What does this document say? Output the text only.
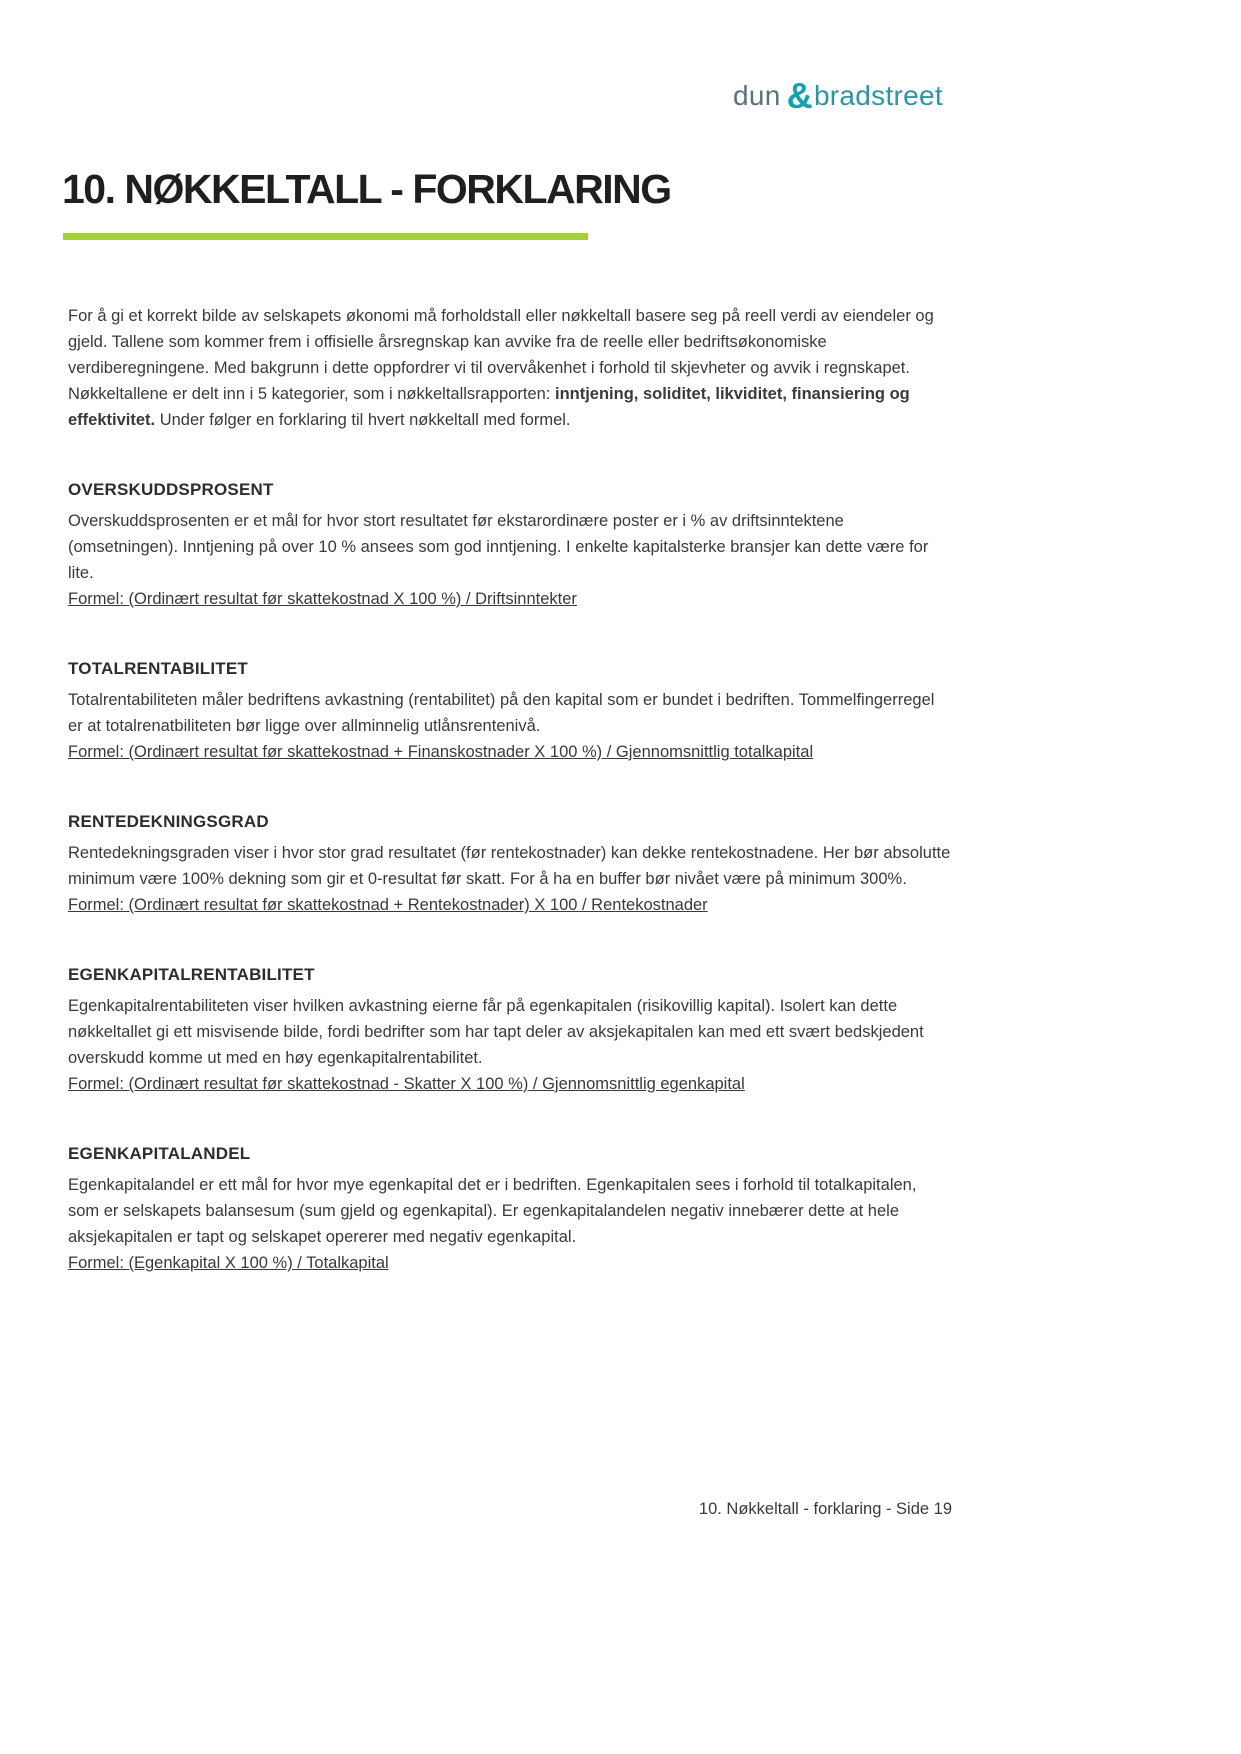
dun & bradstreet
10. NØKKELTALL - FORKLARING

For å gi et korrekt bilde av selskapets økonomi må forholdstall eller nøkkeltall basere seg på reell verdi av eiendeler og gjeld. Tallene som kommer frem i offisielle årsregnskap kan avvike fra de reelle eller bedriftsøkonomiske verdiberegningene. Med bakgrunn i dette oppfordrer vi til overvåkenhet i forhold til skjevheter og avvik i regnskapet.

Nøkkeltallene er delt inn i 5 kategorier, som i nøkkeltallsrapporten: inntjening, soliditet, likviditet, finansiering og effektivitet. Under følger en forklaring til hvert nøkkeltall med formel.

OVERSKUDDSPROSENT

Overskuddsprosenten er et mål for hvor stort resultatet før ekstarordinære poster er i % av driftsinntektene (omsetningen). Inntjening på over 10 % ansees som god inntjening. I enkelte kapitalsterke bransjer kan dette være for lite.

Formel: (Ordinært resultat før skattekostnad X 100 %) / Driftsinntekter

TOTALRENTABILITET

Totalrentabiliteten måler bedriftens avkastning (rentabilitet) på den kapital som er bundet i bedriften. Tommelfingerregel er at totalrenatbiliteten bør ligge over allminnelig utlånsrentenivå.

Formel: (Ordinært resultat før skattekostnad + Finanskostnader X 100 %) / Gjennomsnittlig totalkapital

RENTEDEKNINGSGRAD

Rentedekningsgraden viser i hvor stor grad resultatet (før rentekostnader) kan dekke rentekostnadene. Her bør absolutte minimum være 100% dekning som gir et 0-resultat før skatt. For å ha en buffer bør nivået være på minimum 300%.

Formel: (Ordinært resultat før skattekostnad + Rentekostnader) X 100 / Rentekostnader

EGENKAPITALRENTABILITET

Egenkapitalrentabiliteten viser hvilken avkastning eierne får på egenkapitalen (risikovillig kapital). Isolert kan dette nøkkeltallet gi ett misvisende bilde, fordi bedrifter som har tapt deler av aksjekapitalen kan med ett svært bedskjedent overskudd komme ut med en høy egenkapitalrentabilitet.

Formel: (Ordinært resultat før skattekostnad - Skatter X 100 %) / Gjennomsnittlig egenkapital

EGENKAPITALANDEL

Egenkapitalandel er ett mål for hvor mye egenkapital det er i bedriften. Egenkapitalen sees i forhold til totalkapitalen, som er selskapets balansesum (sum gjeld og egenkapital). Er egenkapitalandelen negativ innebærer dette at hele aksjekapitalen er tapt og selskapet opererer med negativ egenkapital.

Formel: (Egenkapital X 100 %) / Totalkapital

10. Nøkkeltall - forklaring - Side 19
